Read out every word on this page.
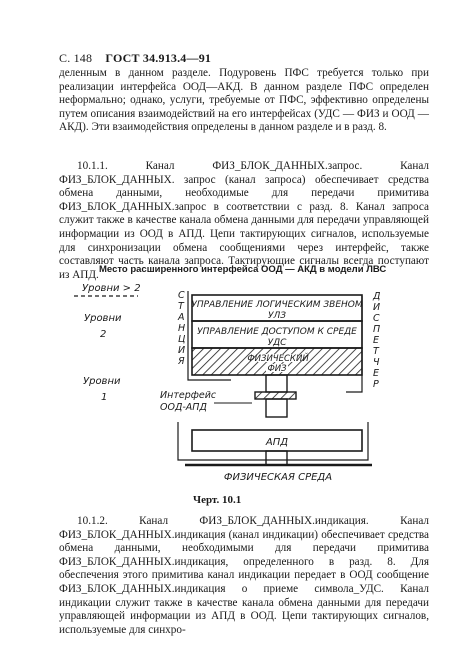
С. 148 ГОСТ 34.913.4—91

деленным в данном разделе. Подуровень ПФС требуется только при реализации интерфейса ООД—АКД. В данном разделе ПФС определен неформально; однако, услуги, требуемые от ПФС, эффективно определены путем описания взаимодействий на его интерфейсах (УДС — ФИЗ и ООД — АКД). Эти взаимодействия определены в данном разделе и в разд. 8.

10.1.1. Канал ФИЗ_БЛОК_ДАННЫХ.запрос. Канал ФИЗ_БЛОК_ДАННЫХ. запрос (канал запроса) обеспечивает средства обмена данными, необходимые для передачи примитива ФИЗ_БЛОК_ДАННЫХ.запрос в соответствии с разд. 8. Канал запроса служит также в качестве канала обмена данными для передачи управляющей информации из ООД в АПД. Цепи тактирующих сигналов, используемые для синхронизации обмена сообщениями через интерфейс, также составляют часть канала запроса. Тактирующие сигналы всегда поступают из АПД. Место расширенного интерфейса ООД — АКД в модели ЛВС
Уровни > 2
Уровни
2
Уровни
1	Интерфейс
ООД-АПД
С
Т
А
Н
Ц
И
Я
Д
И
С
П
Е
Т
Ч
Е
Р
УПРАВЛЕНИЕ ЛОГИЧЕСКИМ ЗВЕНОМ
УЛЗ
УПРАВЛЕНИЕ ДОСТУПОМ К СРЕДЕ
УДС
ФИЗИЧЕСКИЙ
ФИЗ
АПД
ФИЗИЧЕСКАЯ СРЕДА
Черт. 10.1

10.1.2. Канал ФИЗ_БЛОК_ДАННЫХ.индикация. Канал ФИЗ_БЛОК_ДАННЫХ.индикация (канал индикации) обеспечивает средства обмена данными, необходимыми для передачи примитива ФИЗ_БЛОК_ДАННЫХ.индикация, определенного в разд. 8. Для обеспечения этого примитива канал индикации передает в ООД сообщение ФИЗ_БЛОК_ДАННЫХ.индикация о приеме символа_УДС. Канал индикации служит также в качестве канала обмена данными для передачи управляющей информации из АПД в ООД. Цепи тактирующих сигналов, используемые для синхро-
